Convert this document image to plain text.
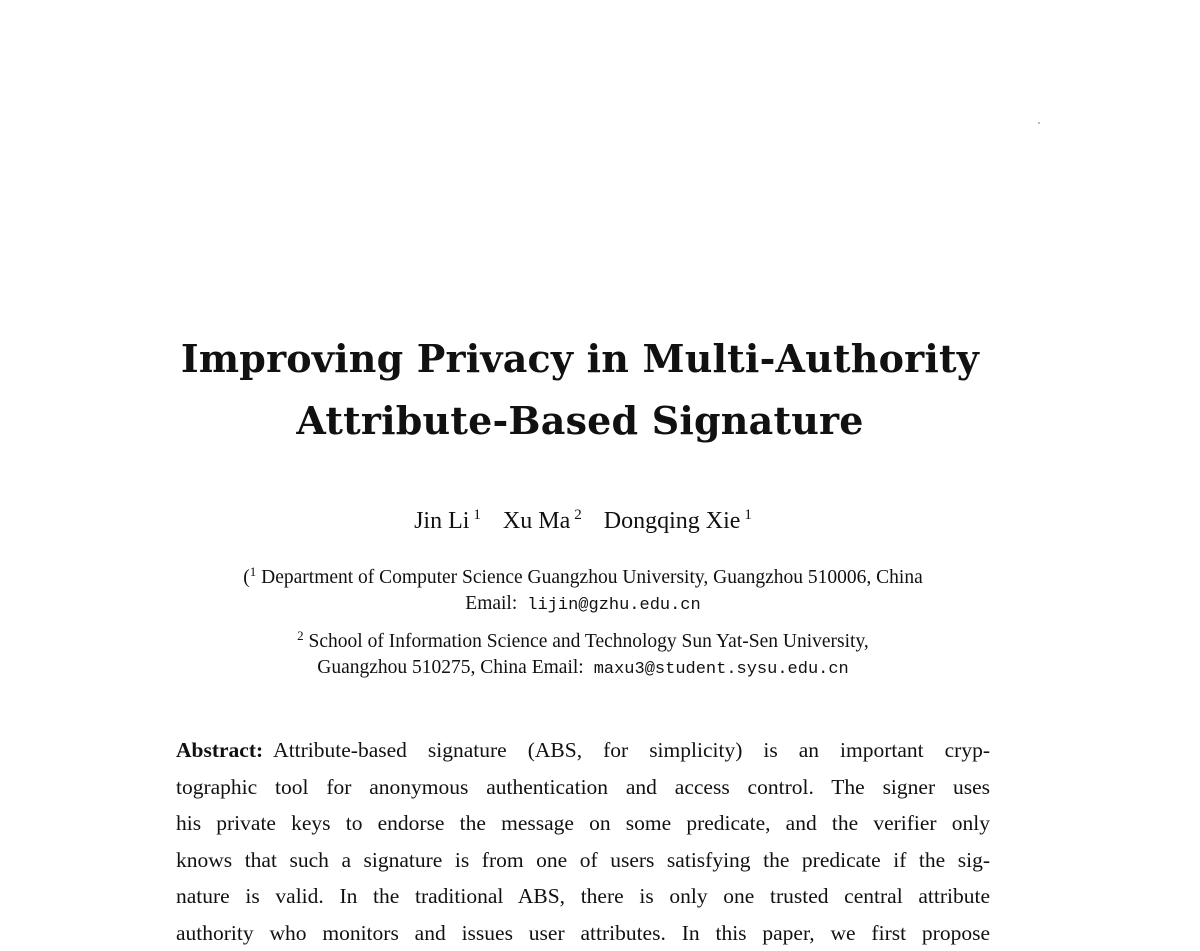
Improving Privacy in Multi-Authority
Attribute-Based Signature
Jin Li $^1$ Xu Ma $^2$ Dongqing Xie $^1$
($^1$ Department of Computer Science Guangzhou University, Guangzhou 510006, China
Email: lijin@gzhu.edu.cn
$^2$ School of Information Science and Technology Sun Yat-Sen University,
Guangzhou 510275, China Email: maxu3@student.sysu.edu.cn
Abstract: Attribute-based signature (ABS, for simplicity) is an important cryp-
tographic tool for anonymous authentication and access control. The signer uses
his private keys to endorse the message on some predicate, and the verifier only
knows that such a signature is from one of users satisfying the predicate if the sig-
nature is valid. In the traditional ABS, there is only one trusted central attribute
authority who monitors and issues user attributes. In this paper, we first propose
